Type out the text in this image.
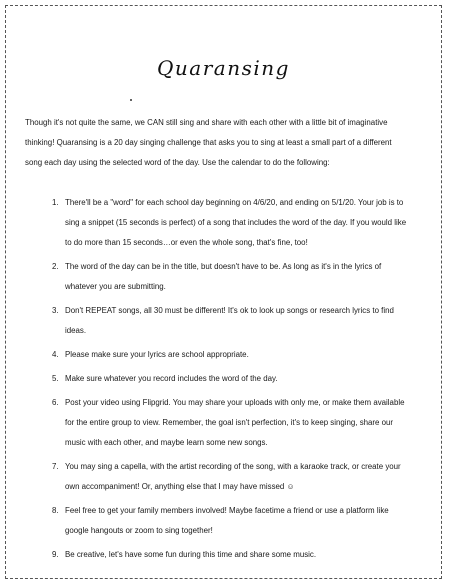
Quaransing

Though it's not quite the same, we CAN still sing and share with each other with a little bit of imaginative thinking! Quaransing is a 20 day singing challenge that asks you to sing at least a small part of a different song each day using the selected word of the day. Use the calendar to do the following:

1. There'll be a "word" for each school day beginning on 4/6/20, and ending on 5/1/20. Your job is to sing a snippet (15 seconds is perfect) of a song that includes the word of the day. If you would like to do more than 15 seconds…or even the whole song, that's fine, too!
2. The word of the day can be in the title, but doesn't have to be. As long as it's in the lyrics of whatever you are submitting.
3. Don't REPEAT songs, all 30 must be different! It's ok to look up songs or research lyrics to find ideas.
4. Please make sure your lyrics are school appropriate.
5. Make sure whatever you record includes the word of the day.
6. Post your video using Flipgrid. You may share your uploads with only me, or make them available for the entire group to view. Remember, the goal isn't perfection, it's to keep singing, share our music with each other, and maybe learn some new songs.
7. You may sing a capella, with the artist recording of the song, with a karaoke track, or create your own accompaniment! Or, anything else that I may have missed ☺
8. Feel free to get your family members involved! Maybe facetime a friend or use a platform like google hangouts or zoom to sing together!
9. Be creative, let's have some fun during this time and share some music.
